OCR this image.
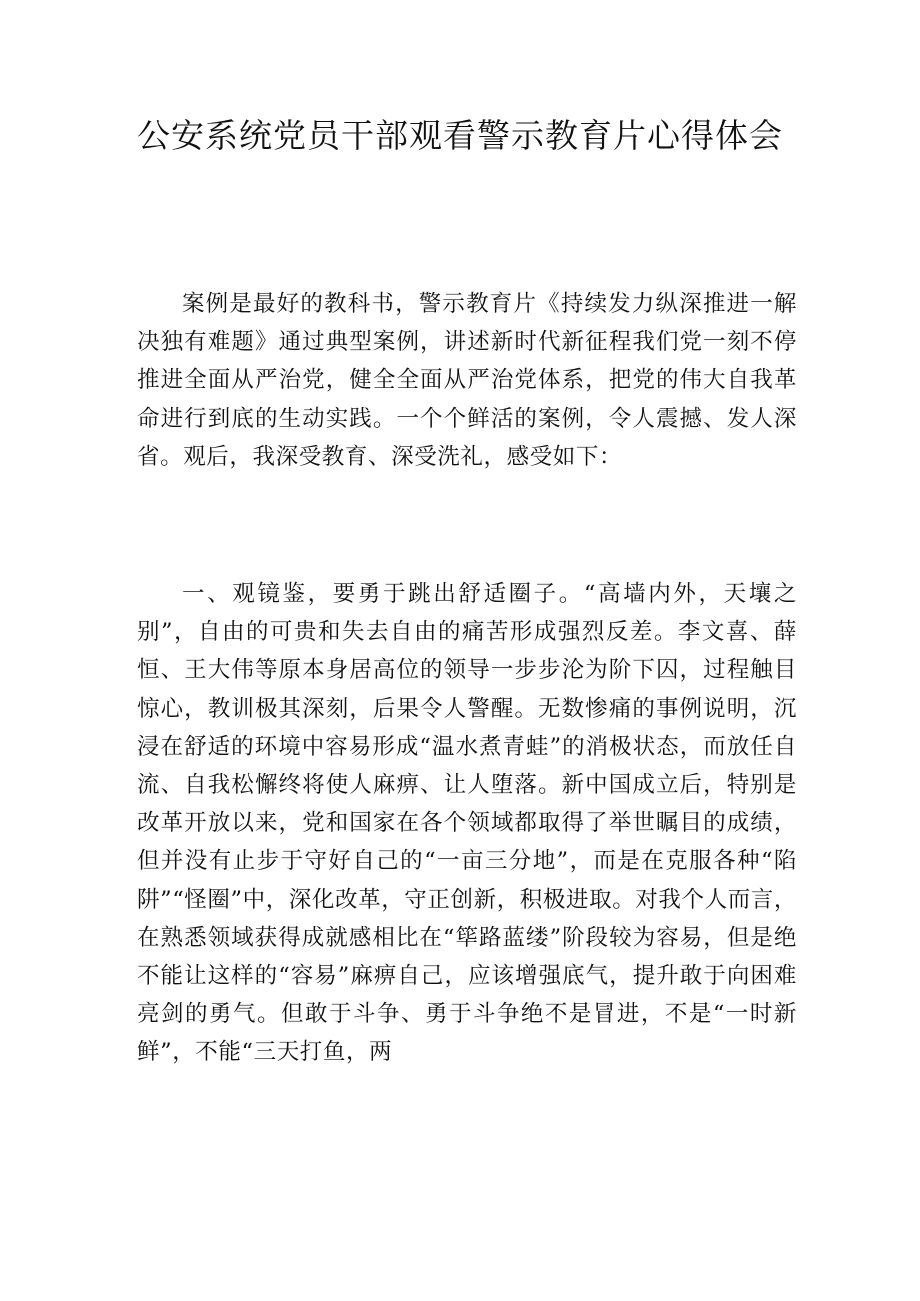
公安系统党员干部观看警示教育片心得体会

案例是最好的教科书，警示教育片《持续发力纵深推进一解决独有难题》通过典型案例，讲述新时代新征程我们党一刻不停推进全面从严治党，健全全面从严治党体系，把党的伟大自我革命进行到底的生动实践。一个个鲜活的案例，令人震撼、发人深省。观后，我深受教育、深受洗礼，感受如下：

一、观镜鉴，要勇于跳出舒适圈子。“高墙内外，天壤之别”，自由的可贵和失去自由的痛苦形成强烈反差。李文喜、薛恒、王大伟等原本身居高位的领导一步步沦为阶下囚，过程触目惊心，教训极其深刻，后果令人警醒。无数惨痛的事例说明，沉浸在舒适的环境中容易形成“温水煮青蛙”的消极状态，而放任自流、自我松懈终将使人麻痹、让人堕落。新中国成立后，特别是改革开放以来，党和国家在各个领域都取得了举世瞩目的成绩，但并没有止步于守好自己的“一亩三分地”，而是在克服各种“陷阱”“怪圈”中，深化改革，守正创新，积极进取。对我个人而言，在熟悉领域获得成就感相比在“筚路蓝缕”阶段较为容易，但是绝不能让这样的“容易”麻痹自己，应该增强底气，提升敢于向困难亮剑的勇气。但敢于斗争、勇于斗争绝不是冒进，不是“一时新鲜”，不能“三天打鱼，两
